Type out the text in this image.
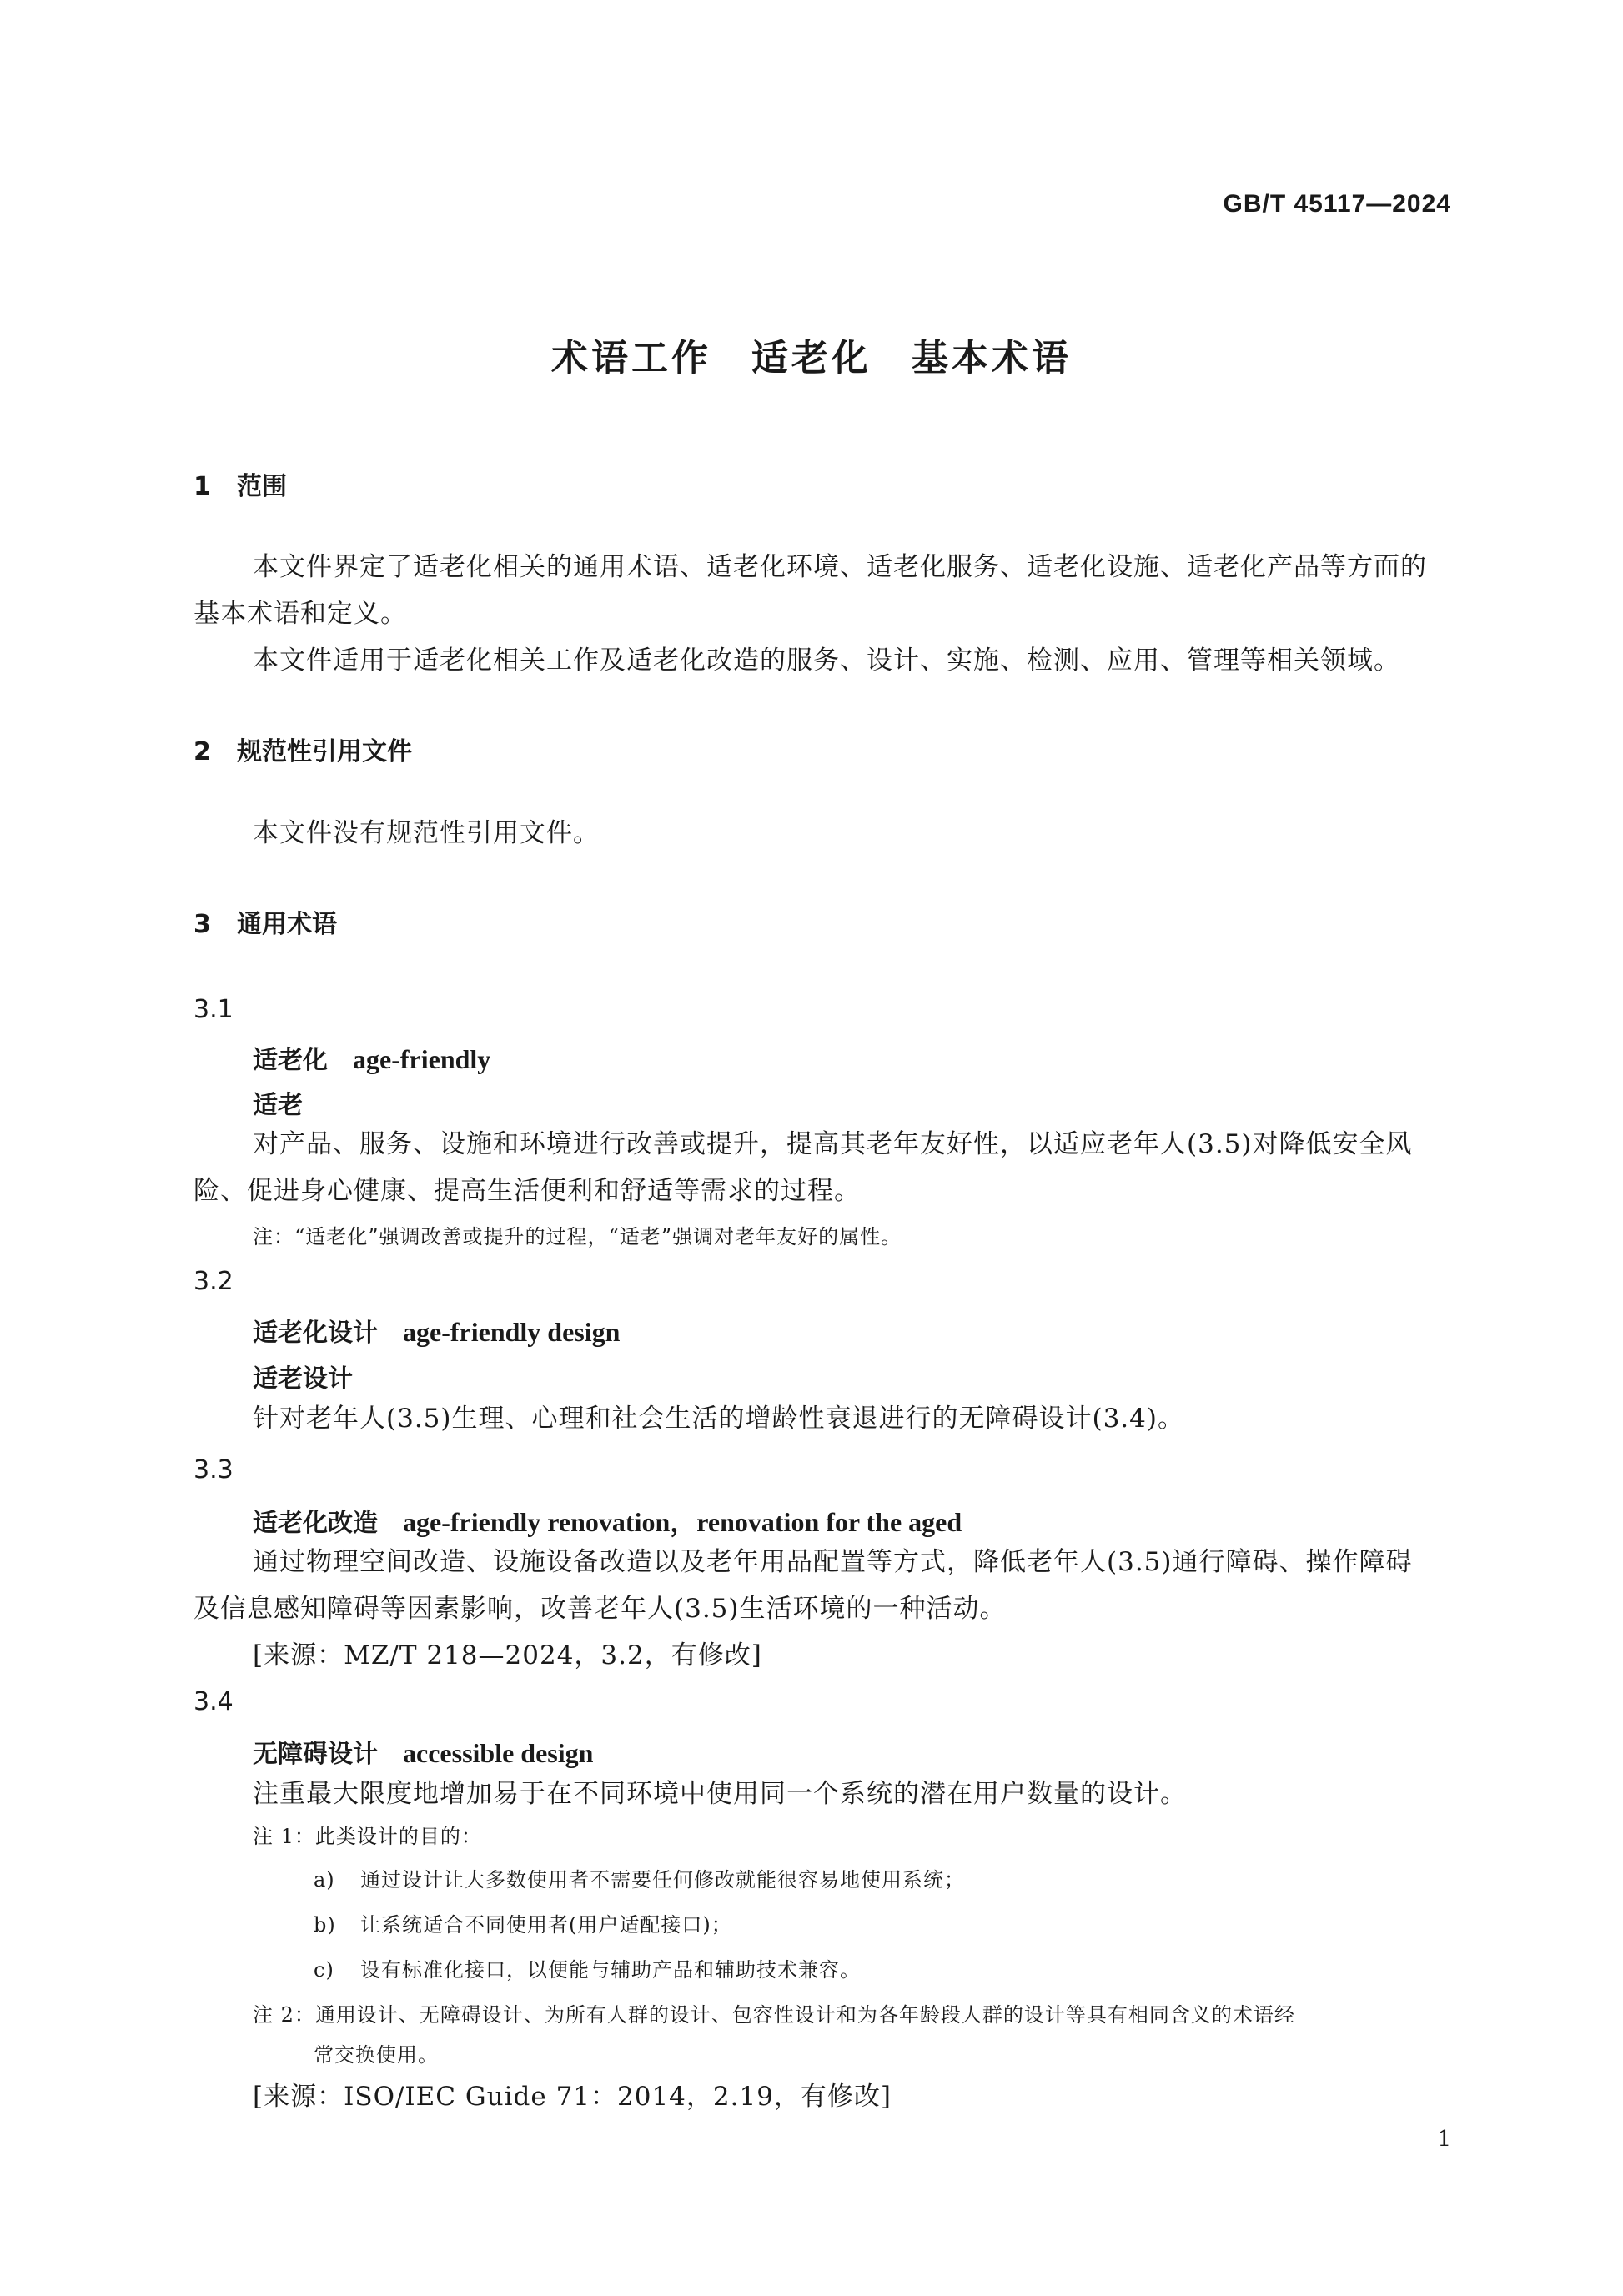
GB/T 45117—2024
术语工作　适老化　基本术语
1 范围
本文件界定了适老化相关的通用术语、适老化环境、适老化服务、适老化设施、适老化产品等方面的
基本术语和定义。
本文件适用于适老化相关工作及适老化改造的服务、设计、实施、检测、应用、管理等相关领域。
2 规范性引用文件
本文件没有规范性引用文件。
3 通用术语
3.1
适老化 age-friendly
适老
对产品、服务、设施和环境进行改善或提升，提高其老年友好性，以适应老年人(3.5)对降低安全风
险、促进身心健康、提高生活便利和舒适等需求的过程。
注：“适老化”强调改善或提升的过程，“适老”强调对老年友好的属性。
3.2
适老化设计 age-friendly design
适老设计
针对老年人(3.5)生理、心理和社会生活的增龄性衰退进行的无障碍设计(3.4)。
3.3
适老化改造 age-friendly renovation，renovation for the aged
通过物理空间改造、设施设备改造以及老年用品配置等方式，降低老年人(3.5)通行障碍、操作障碍
及信息感知障碍等因素影响，改善老年人(3.5)生活环境的一种活动。
[来源：MZ/T 218—2024，3.2，有修改]
3.4
无障碍设计 accessible design
注重最大限度地增加易于在不同环境中使用同一个系统的潜在用户数量的设计。
注 1：此类设计的目的：
a) 通过设计让大多数使用者不需要任何修改就能很容易地使用系统；
b) 让系统适合不同使用者(用户适配接口)；
c) 设有标准化接口，以便能与辅助产品和辅助技术兼容。
注 2：通用设计、无障碍设计、为所有人群的设计、包容性设计和为各年龄段人群的设计等具有相同含义的术语经
常交换使用。
[来源：ISO/IEC Guide 71：2014，2.19，有修改]
1
